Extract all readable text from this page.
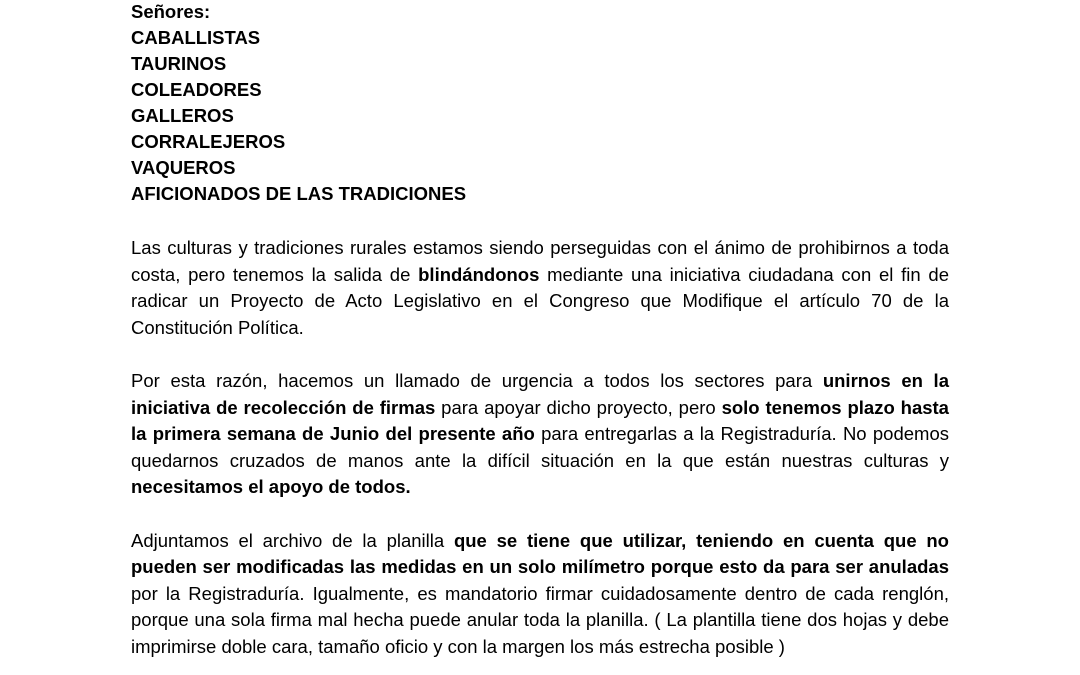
Señores:
CABALLISTAS
TAURINOS
COLEADORES
GALLEROS
CORRALEJEROS
VAQUEROS
AFICIONADOS DE LAS TRADICIONES

Las culturas y tradiciones rurales estamos siendo perseguidas con el ánimo de prohibirnos a toda costa, pero tenemos la salida de blindándonos mediante una iniciativa ciudadana con el fin de radicar un Proyecto de Acto Legislativo en el Congreso que Modifique el artículo 70 de la Constitución Política.

Por esta razón, hacemos un llamado de urgencia a todos los sectores para unirnos en la iniciativa de recolección de firmas para apoyar dicho proyecto, pero solo tenemos plazo hasta la primera semana de Junio del presente año para entregarlas a la Registraduría. No podemos quedarnos cruzados de manos ante la difícil situación en la que están nuestras culturas y necesitamos el apoyo de todos.

Adjuntamos el archivo de la planilla que se tiene que utilizar, teniendo en cuenta que no pueden ser modificadas las medidas en un solo milímetro porque esto da para ser anuladas por la Registraduría. Igualmente, es mandatorio firmar cuidadosamente dentro de cada renglón, porque una sola firma mal hecha puede anular toda la planilla. ( La plantilla tiene dos hojas y debe imprimirse doble cara, tamaño oficio y con la margen los más estrecha posible )
